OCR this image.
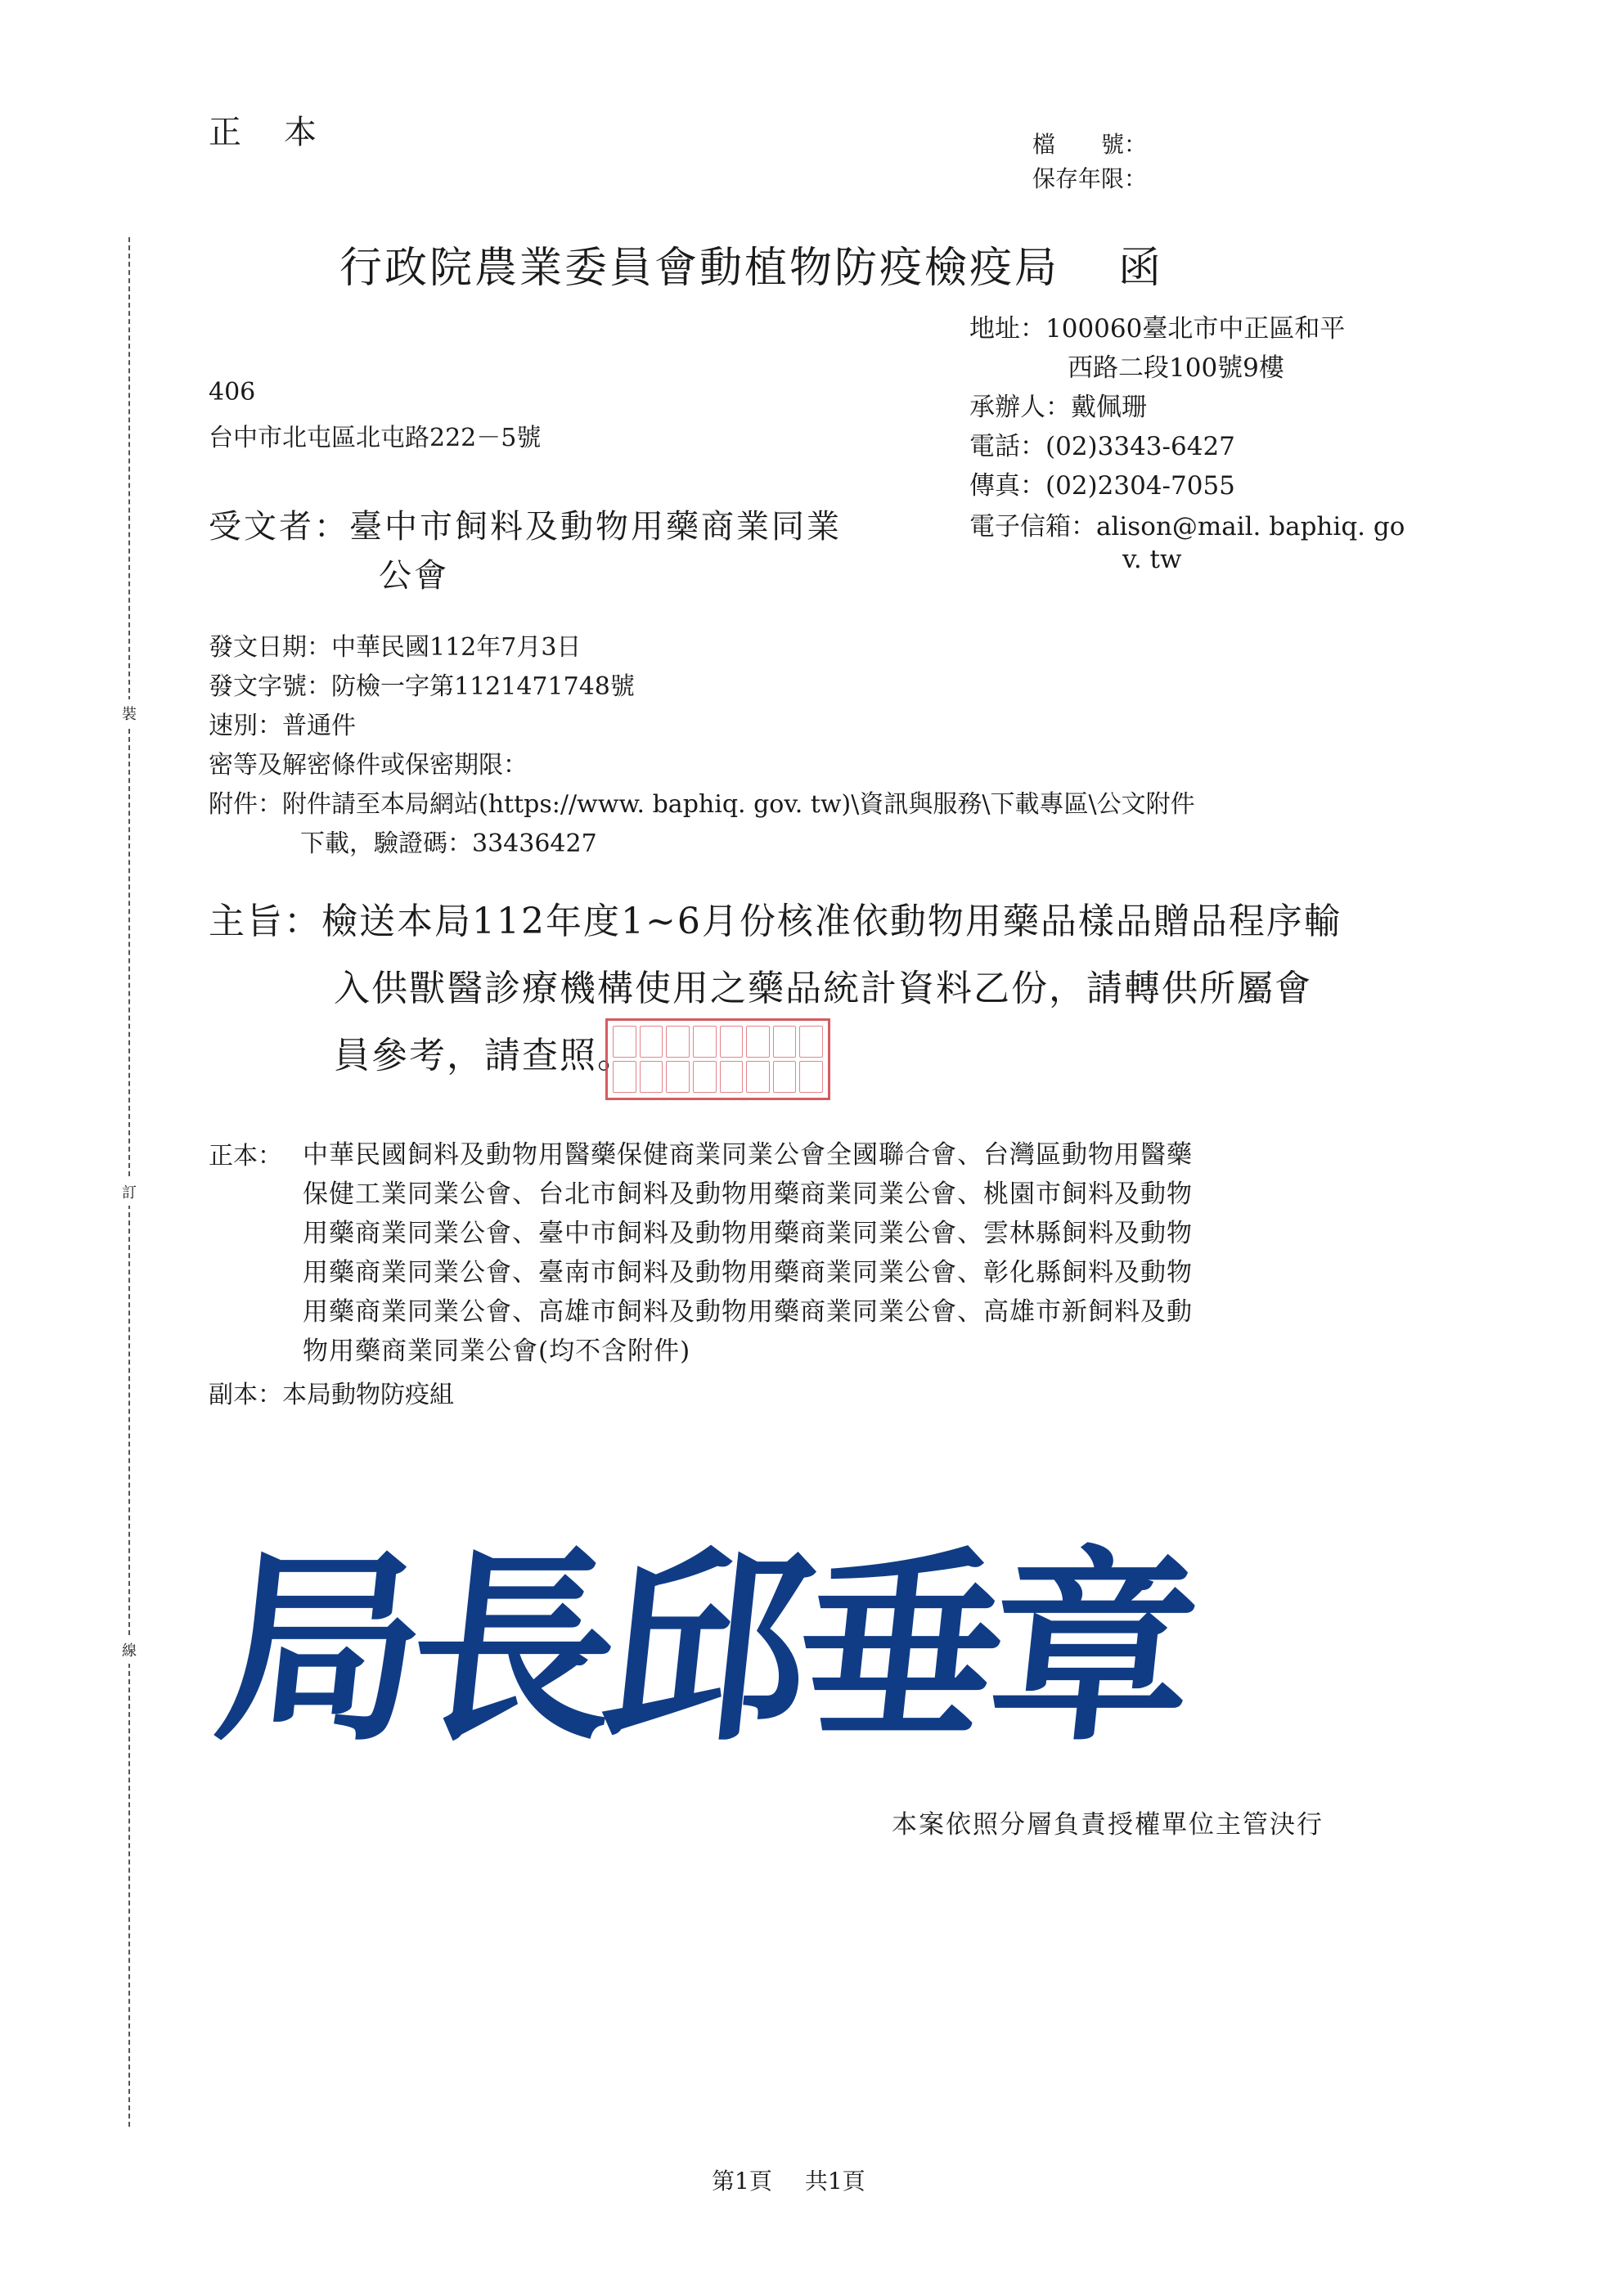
裝
訂
線
正本	檔　　號：
保存年限：
行政院農業委員會動植物防疫檢疫局 函
地址：100060臺北市中正區和平
西路二段100號9樓
承辦人：戴佩珊
電話：(02)3343-6427
傳真：(02)2304-7055
電子信箱：alison@mail. baphiq. go
v. tw
406
台中市北屯區北屯路222－5號
受文者：臺中市飼料及動物用藥商業同業
公會
發文日期：中華民國112年7月3日
發文字號：防檢一字第1121471748號
速別：普通件
密等及解密條件或保密期限：
附件：附件請至本局網站(https://www. baphiq. gov. tw)\資訊與服務\下載專區\公文附件
下載，驗證碼：33436427
主旨：檢送本局112年度1~6月份核准依動物用藥品樣品贈品程序輸
入供獸醫診療機構使用之藥品統計資料乙份，請轉供所屬會
員參考，請查照。
正本： 中華民國飼料及動物用醫藥保健商業同業公會全國聯合會、台灣區動物用醫藥
保健工業同業公會、台北市飼料及動物用藥商業同業公會、桃園市飼料及動物
用藥商業同業公會、臺中市飼料及動物用藥商業同業公會、雲林縣飼料及動物
用藥商業同業公會、臺南市飼料及動物用藥商業同業公會、彰化縣飼料及動物
用藥商業同業公會、高雄市飼料及動物用藥商業同業公會、高雄市新飼料及動
物用藥商業同業公會(均不含附件)
副本：本局動物防疫組
局長邱垂章
本案依照分層負責授權單位主管決行
第1頁 共1頁
